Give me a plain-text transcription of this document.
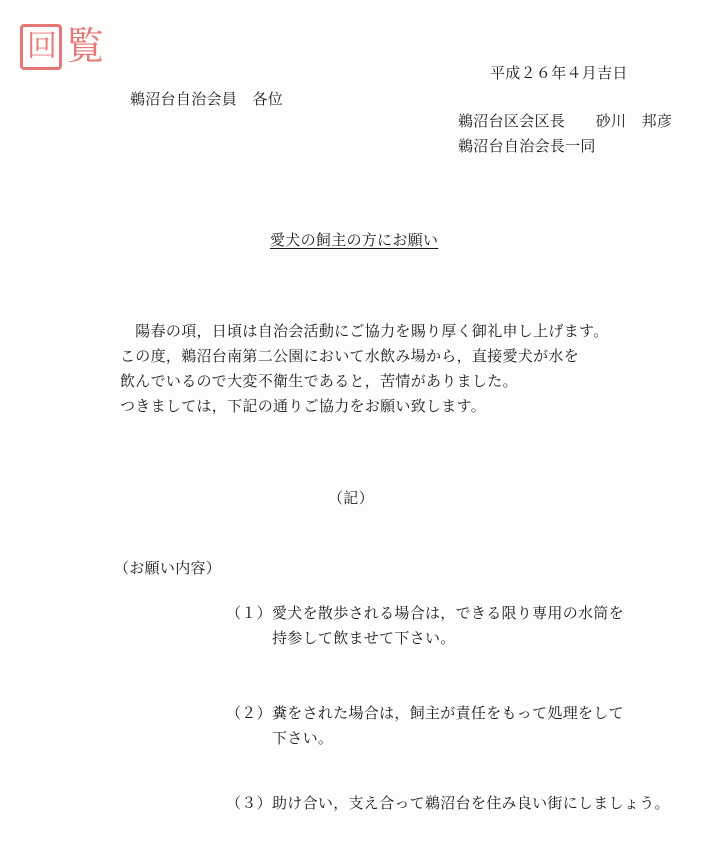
回 覧
平成２６年４月吉日
鵜沼台自治会員　各位
鵜沼台区会区長　　砂川　邦彦
鵜沼台自治会長一同
愛犬の飼主の方にお願い
　陽春の項，日頃は自治会活動にご協力を賜り厚く御礼申し上げます。
この度，鵜沼台南第二公園において水飲み場から，直接愛犬が水を
飲んでいるので大変不衛生であると，苦情がありました。
つきましては，下記の通りご協力をお願い致します。
（記）
（お願い内容）
（１） 愛犬を散歩される場合は，できる限り専用の水筒を
持参して飲ませて下さい。
（２） 糞をされた場合は，飼主が責任をもって処理をして
下さい。
（３） 助け合い，支え合って鵜沼台を住み良い街にしましょう。
